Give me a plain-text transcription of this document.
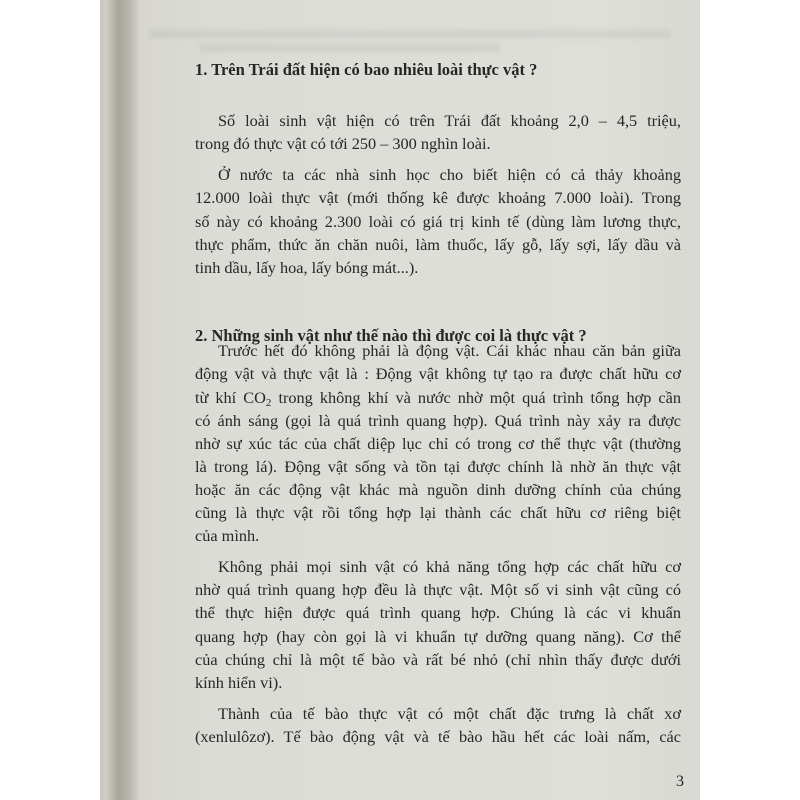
1. Trên Trái đất hiện có bao nhiêu loài thực vật ?
Số loài sinh vật hiện có trên Trái đất khoảng 2,0 – 4,5 triệu,
trong đó thực vật có tới 250 – 300 nghìn loài.
Ở nước ta các nhà sinh học cho biết hiện có cả thảy khoảng
12.000 loài thực vật (mới thống kê được khoảng 7.000 loài). Trong
số này có khoảng 2.300 loài có giá trị kinh tế (dùng làm lương thực,
thực phẩm, thức ăn chăn nuôi, làm thuốc, lấy gỗ, lấy sợi, lấy dầu và
tinh dầu, lấy hoa, lấy bóng mát...).
2. Những sinh vật như thế nào thì được coi là thực vật ?
Trước hết đó không phải là động vật. Cái khác nhau căn bản giữa
động vật và thực vật là : Động vật không tự tạo ra được chất hữu cơ
từ khí $CO_2$ trong không khí và nước nhờ một quá trình tổng hợp cần
có ánh sáng (gọi là quá trình quang hợp). Quá trình này xảy ra được
nhờ sự xúc tác của chất diệp lục chỉ có trong cơ thể thực vật (thường
là trong lá). Động vật sống và tồn tại được chính là nhờ ăn thực vật
hoặc ăn các động vật khác mà nguồn dinh dưỡng chính của chúng
cũng là thực vật rồi tổng hợp lại thành các chất hữu cơ riêng biệt
của mình.
Không phải mọi sinh vật có khả năng tổng hợp các chất hữu cơ
nhờ quá trình quang hợp đều là thực vật. Một số vi sinh vật cũng có
thể thực hiện được quá trình quang hợp. Chúng là các vi khuẩn
quang hợp (hay còn gọi là vi khuẩn tự dưỡng quang năng). Cơ thể
của chúng chỉ là một tế bào và rất bé nhỏ (chỉ nhìn thấy được dưới
kính hiển vi).
Thành của tế bào thực vật có một chất đặc trưng là chất xơ
(xenlulôzơ). Tế bào động vật và tế bào hầu hết các loài nấm, các
3
